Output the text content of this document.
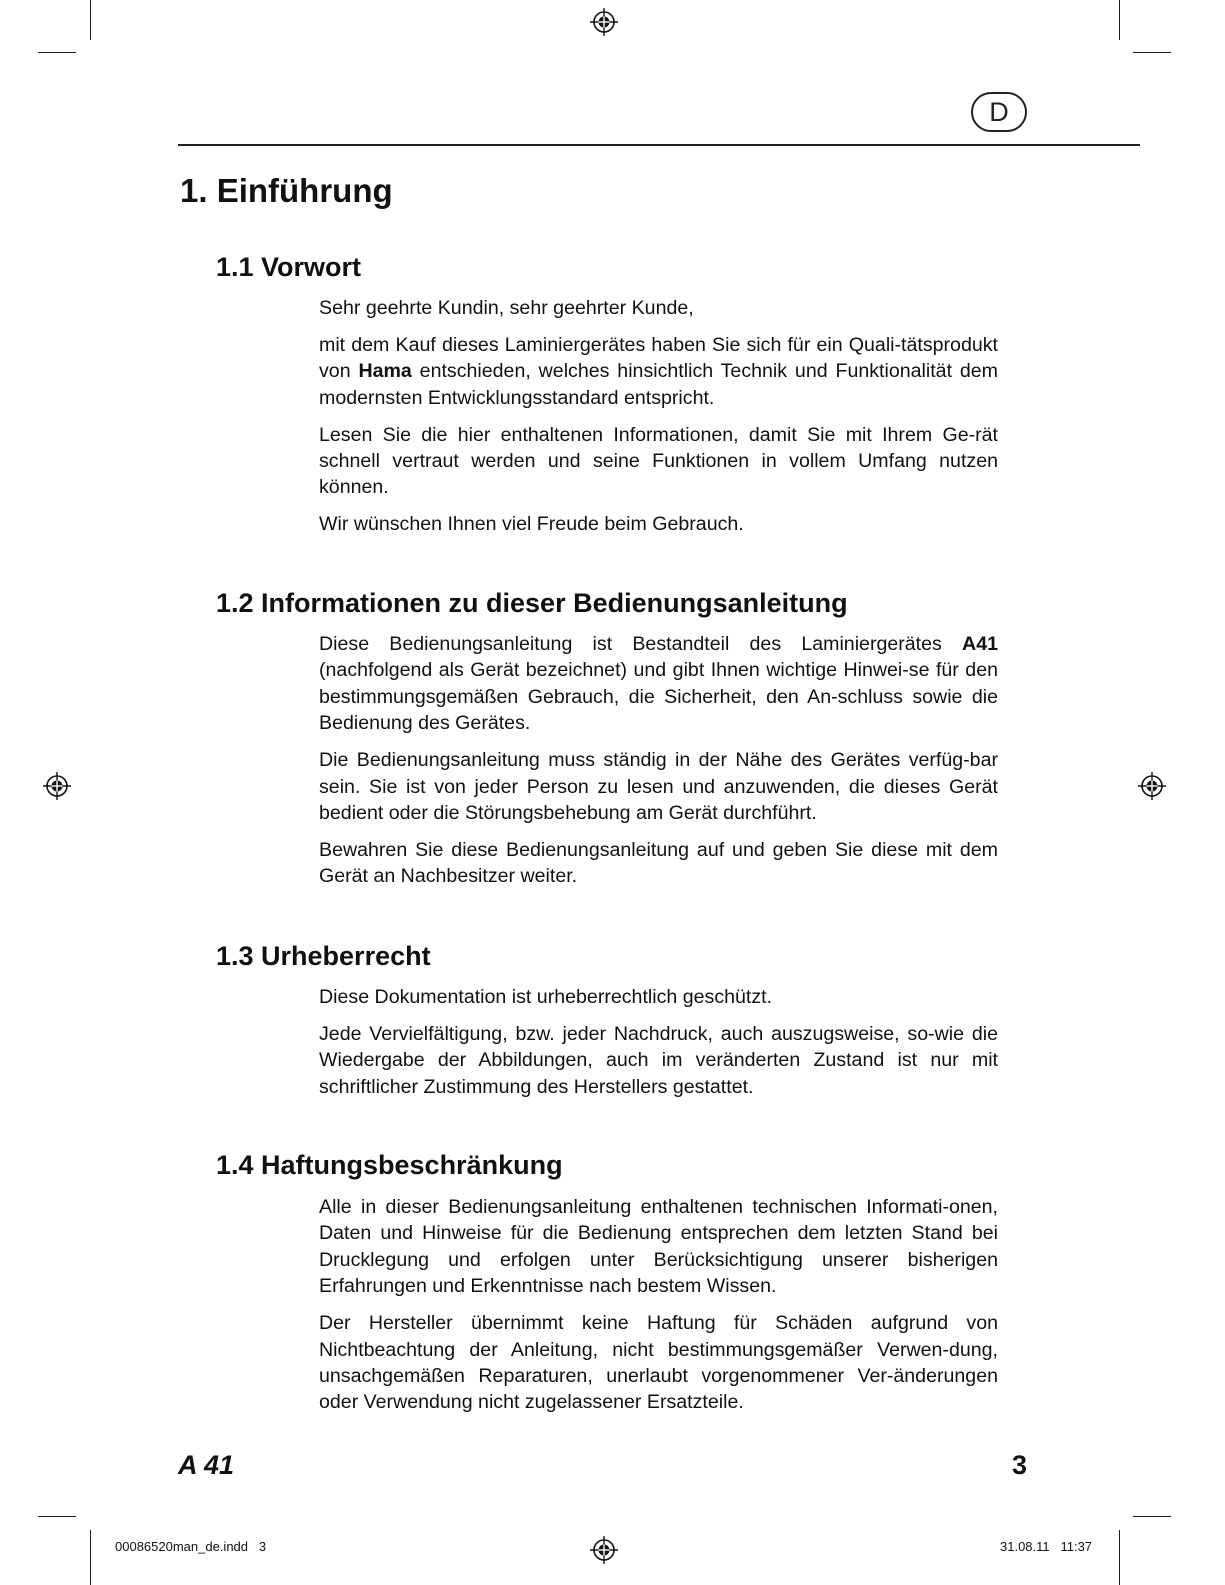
D
1. Einführung
1.1 Vorwort

Sehr geehrte Kundin, sehr geehrter Kunde,

mit dem Kauf dieses Laminiergerätes haben Sie sich für ein Quali-tätsprodukt von Hama entschieden, welches hinsichtlich Technik und Funktionalität dem modernsten Entwicklungsstandard entspricht.

Lesen Sie die hier enthaltenen Informationen, damit Sie mit Ihrem Ge-rät schnell vertraut werden und seine Funktionen in vollem Umfang nutzen können.

Wir wünschen Ihnen viel Freude beim Gebrauch.

1.2 Informationen zu dieser Bedienungsanleitung

Diese Bedienungsanleitung ist Bestandteil des Laminiergerätes A41 (nachfolgend als Gerät bezeichnet) und gibt Ihnen wichtige Hinwei-se für den bestimmungsgemäßen Gebrauch, die Sicherheit, den An-schluss sowie die Bedienung des Gerätes.

Die Bedienungsanleitung muss ständig in der Nähe des Gerätes verfüg-bar sein. Sie ist von jeder Person zu lesen und anzuwenden, die dieses Gerät bedient oder die Störungsbehebung am Gerät durchführt.

Bewahren Sie diese Bedienungsanleitung auf und geben Sie diese mit dem Gerät an Nachbesitzer weiter.

1.3 Urheberrecht

Diese Dokumentation ist urheberrechtlich geschützt.

Jede Vervielfältigung, bzw. jeder Nachdruck, auch auszugsweise, so-wie die Wiedergabe der Abbildungen, auch im veränderten Zustand ist nur mit schriftlicher Zustimmung des Herstellers gestattet.

1.4 Haftungsbeschränkung

Alle in dieser Bedienungsanleitung enthaltenen technischen Informati-onen, Daten und Hinweise für die Bedienung entsprechen dem letzten Stand bei Drucklegung und erfolgen unter Berücksichtigung unserer bisherigen Erfahrungen und Erkenntnisse nach bestem Wissen.

Der Hersteller übernimmt keine Haftung für Schäden aufgrund von Nichtbeachtung der Anleitung, nicht bestimmungsgemäßer Verwen-dung, unsachgemäßen Reparaturen, unerlaubt vorgenommener Ver-änderungen oder Verwendung nicht zugelassener Ersatzteile.

A 41	3
00086520man_de.indd   3	31.08.11   11:37
